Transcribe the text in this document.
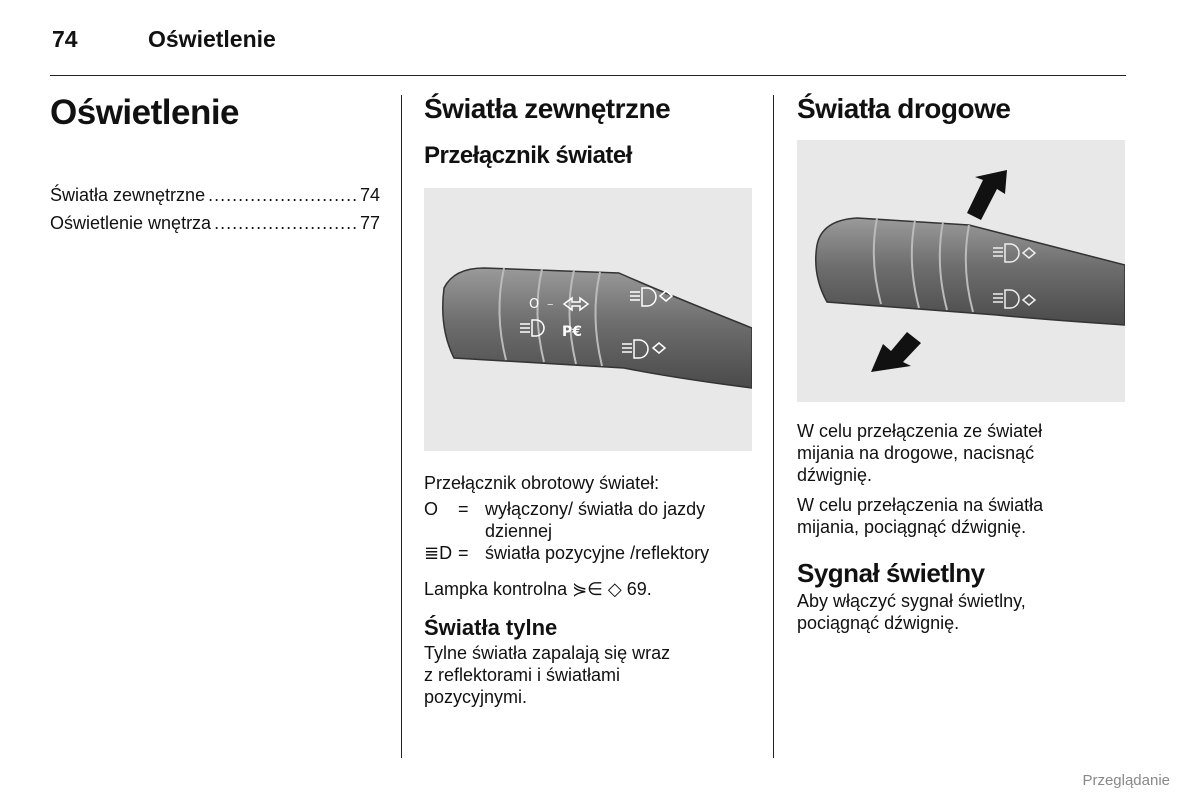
74	Oświetlenie
Oświetlenie
Światła zewnętrzne .....	74
Oświetlenie wnętrza .....	77
Światła zewnętrzne
Przełącznik świateł
O –
P€

Przełącznik obrotowy świateł:

O	= wyłączony/ światła do jazdy dziennej
≣D = światła pozycyjne /reflektory

Lampka kontrolna ⋟∈ ◇ 69.

Światła tylne
Tylne światła zapalają się wraz
z reflektorami i światłami
pozycyjnymi.
Światła drogowe
W celu przełączenia ze świateł
mijania na drogowe, nacisnąć
dźwignię.
W celu przełączenia na światła
mijania, pociągnąć dźwignię.
Sygnał świetlny
Aby włączyć sygnał świetlny,
pociągnąć dźwignię.
Przeglądanie
